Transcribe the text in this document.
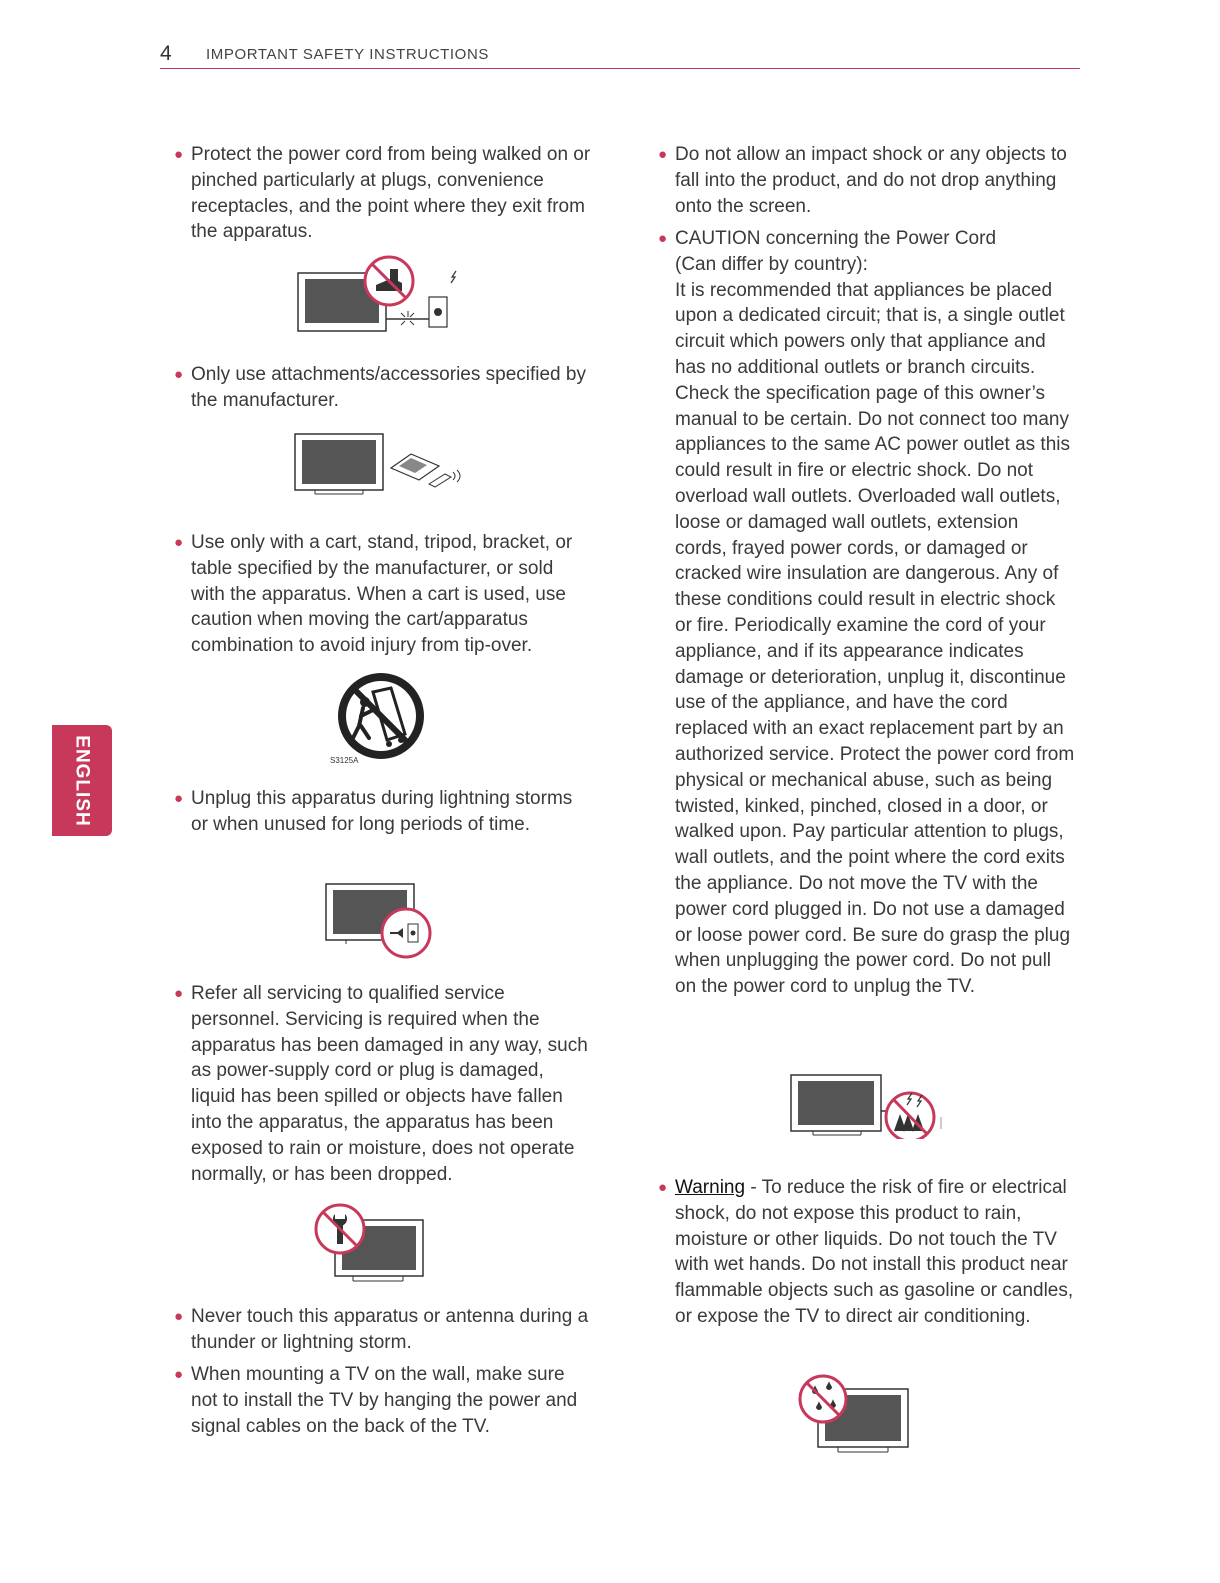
4 IMPORTANT SAFETY INSTRUCTIONS
ENGLISH
● Protect the power cord from being walked on or pinched particularly at plugs, convenience receptacles, and the point where they exit from the apparatus.

● Only use attachments/accessories specified by the manufacturer.

● Use only with a cart, stand, tripod, bracket, or table specified by the manufacturer, or sold with the apparatus. When a cart is used, use caution when moving the cart/apparatus combination to avoid injury from tip-over.

S3125A
● Unplug this apparatus during lightning storms or when unused for long periods of time.

● Refer all servicing to qualified service personnel. Servicing is required when the apparatus has been damaged in any way, such as power-supply cord or plug is damaged, liquid has been spilled or objects have fallen into the apparatus, the apparatus has been exposed to rain or moisture, does not operate normally, or has been dropped.

● Never touch this apparatus or antenna during a thunder or lightning storm.

● When mounting a TV on the wall, make sure not to install the TV by hanging the power and signal cables on the back of the TV.

● Do not allow an impact shock or any objects to fall into the product, and do not drop anything onto the screen.

● CAUTION concerning the Power Cord

(Can differ by country):

It is recommended that appliances be placed upon a dedicated circuit; that is, a single outlet circuit which powers only that appliance and has no additional outlets or branch circuits. Check the specification page of this owner’s manual to be certain. Do not connect too many appliances to the same AC power outlet as this could result in fire or electric shock. Do not overload wall outlets. Overloaded wall outlets, loose or damaged wall outlets, extension cords, frayed power cords, or damaged or cracked wire insulation are dangerous. Any of these conditions could result in electric shock or fire. Periodically examine the cord of your appliance, and if its appearance indicates damage or deterioration, unplug it, discontinue use of the appliance, and have the cord replaced with an exact replacement part by an authorized service. Protect the power cord from physical or mechanical abuse, such as being twisted, kinked, pinched, closed in a door, or walked upon. Pay particular attention to plugs, wall outlets, and the point where the cord exits the appliance. Do not move the TV with the power cord plugged in. Do not use a damaged or loose power cord. Be sure do grasp the plug when unplugging the power cord. Do not pull on the power cord to unplug the TV.

● Warning - To reduce the risk of fire or electrical shock, do not expose this product to rain, moisture or other liquids. Do not touch the TV with wet hands. Do not install this product near flammable objects such as gasoline or candles, or expose the TV to direct air conditioning.
